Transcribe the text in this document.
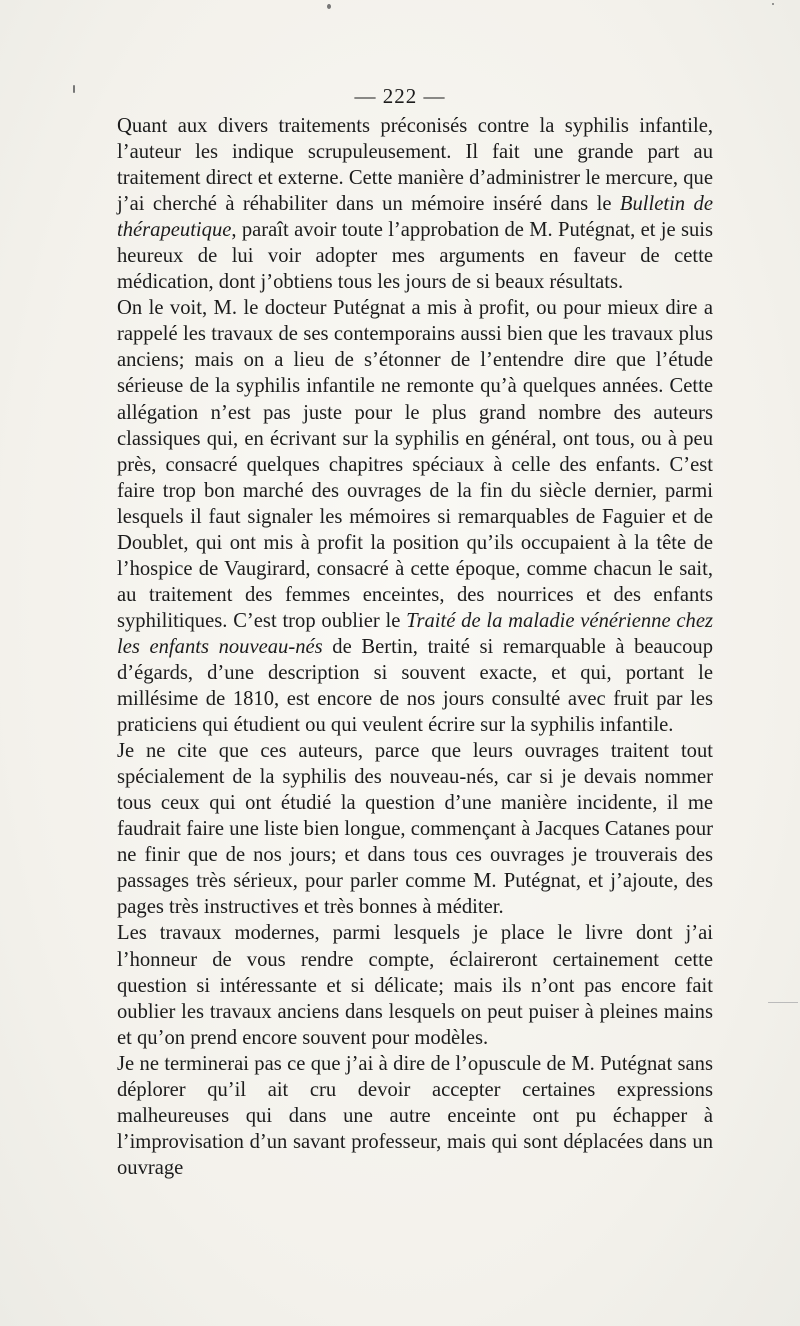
— 222 —

Quant aux divers traitements préconisés contre la syphilis infantile, l’auteur les indique scrupuleusement. Il fait une grande part au traitement direct et externe. Cette manière d’administrer le mercure, que j’ai cherché à réhabiliter dans un mémoire inséré dans le Bulletin de thérapeutique, paraît avoir toute l’approbation de M. Putégnat, et je suis heureux de lui voir adopter mes arguments en faveur de cette médication, dont j’obtiens tous les jours de si beaux résultats.

On le voit, M. le docteur Putégnat a mis à profit, ou pour mieux dire a rappelé les travaux de ses contemporains aussi bien que les travaux plus anciens; mais on a lieu de s’étonner de l’entendre dire que l’étude sérieuse de la syphilis infantile ne remonte qu’à quelques années. Cette allégation n’est pas juste pour le plus grand nombre des auteurs classiques qui, en écrivant sur la syphilis en général, ont tous, ou à peu près, consacré quelques chapitres spéciaux à celle des enfants. C’est faire trop bon marché des ouvrages de la fin du siècle dernier, parmi lesquels il faut signaler les mémoires si remarquables de Faguier et de Doublet, qui ont mis à profit la position qu’ils occupaient à la tête de l’hospice de Vaugirard, consacré à cette époque, comme chacun le sait, au traitement des femmes enceintes, des nourrices et des enfants syphilitiques. C’est trop oublier le Traité de la maladie vénérienne chez les enfants nouveau-nés de Bertin, traité si remarquable à beaucoup d’égards, d’une description si souvent exacte, et qui, portant le millésime de 1810, est encore de nos jours consulté avec fruit par les praticiens qui étudient ou qui veulent écrire sur la syphilis infantile.

Je ne cite que ces auteurs, parce que leurs ouvrages traitent tout spécialement de la syphilis des nouveau-nés, car si je devais nommer tous ceux qui ont étudié la question d’une manière incidente, il me faudrait faire une liste bien longue, commençant à Jacques Catanes pour ne finir que de nos jours; et dans tous ces ouvrages je trouverais des passages très sérieux, pour parler comme M. Putégnat, et j’ajoute, des pages très instructives et très bonnes à méditer.

Les travaux modernes, parmi lesquels je place le livre dont j’ai l’honneur de vous rendre compte, éclaireront certainement cette question si intéressante et si délicate; mais ils n’ont pas encore fait oublier les travaux anciens dans lesquels on peut puiser à pleines mains et qu’on prend encore souvent pour modèles.

Je ne terminerai pas ce que j’ai à dire de l’opuscule de M. Putégnat sans déplorer qu’il ait cru devoir accepter certaines expressions malheureuses qui dans une autre enceinte ont pu échapper à l’improvisation d’un savant professeur, mais qui sont déplacées dans un ouvrage
